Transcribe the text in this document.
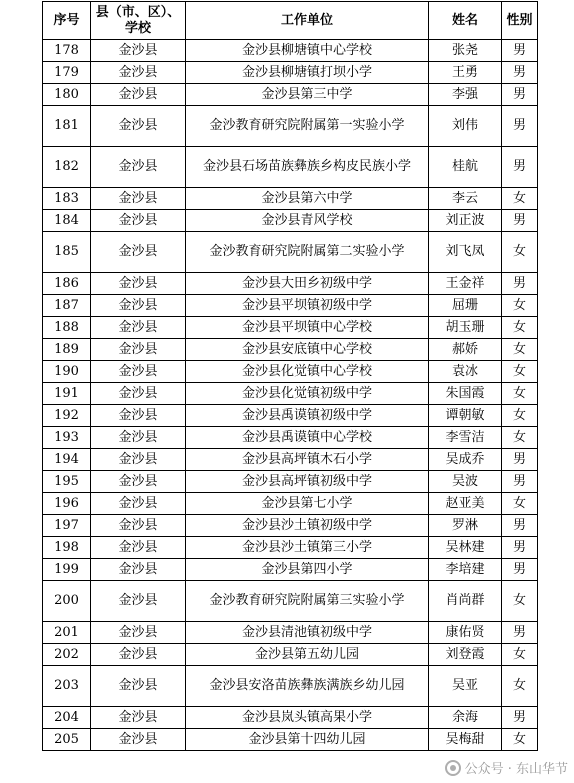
序号	县（市、区）、学校	工作单位	姓名	性别
178	金沙县	金沙县柳塘镇中心学校	张尧	男
179	金沙县	金沙县柳塘镇打坝小学	王勇	男
180	金沙县	金沙县第三中学	李强	男
181	金沙县	金沙教育研究院附属第一实验小学	刘伟	男
182	金沙县	金沙县石场苗族彝族乡构皮民族小学	桂航	男
183	金沙县	金沙县第六中学	李云	女
184	金沙县	金沙县青风学校	刘正波	男
185	金沙县	金沙教育研究院附属第二实验小学	刘飞凤	女
186	金沙县	金沙县大田乡初级中学	王金祥	男
187	金沙县	金沙县平坝镇初级中学	屈珊	女
188	金沙县	金沙县平坝镇中心学校	胡玉珊	女
189	金沙县	金沙县安底镇中心学校	郝娇	女
190	金沙县	金沙县化觉镇中心学校	袁冰	女
191	金沙县	金沙县化觉镇初级中学	朱国霞	女
192	金沙县	金沙县禹谟镇初级中学	谭朝敏	女
193	金沙县	金沙县禹谟镇中心学校	李雪洁	女
194	金沙县	金沙县高坪镇木石小学	吴成乔	男
195	金沙县	金沙县高坪镇初级中学	吴波	男
196	金沙县	金沙县第七小学	赵亚美	女
197	金沙县	金沙县沙土镇初级中学	罗淋	男
198	金沙县	金沙县沙土镇第三小学	吴林建	男
199	金沙县	金沙县第四小学	李培建	男
200	金沙县	金沙教育研究院附属第三实验小学	肖尚群	女
201	金沙县	金沙县清池镇初级中学	康佑贤	男
202	金沙县	金沙县第五幼儿园	刘登霞	女
203	金沙县	金沙县安洛苗族彝族满族乡幼儿园	吴亚	女
204	金沙县	金沙县岚头镇高果小学	余海	男
205	金沙县	金沙县第十四幼儿园	吴梅甜	女
公众号 · 东山华节
